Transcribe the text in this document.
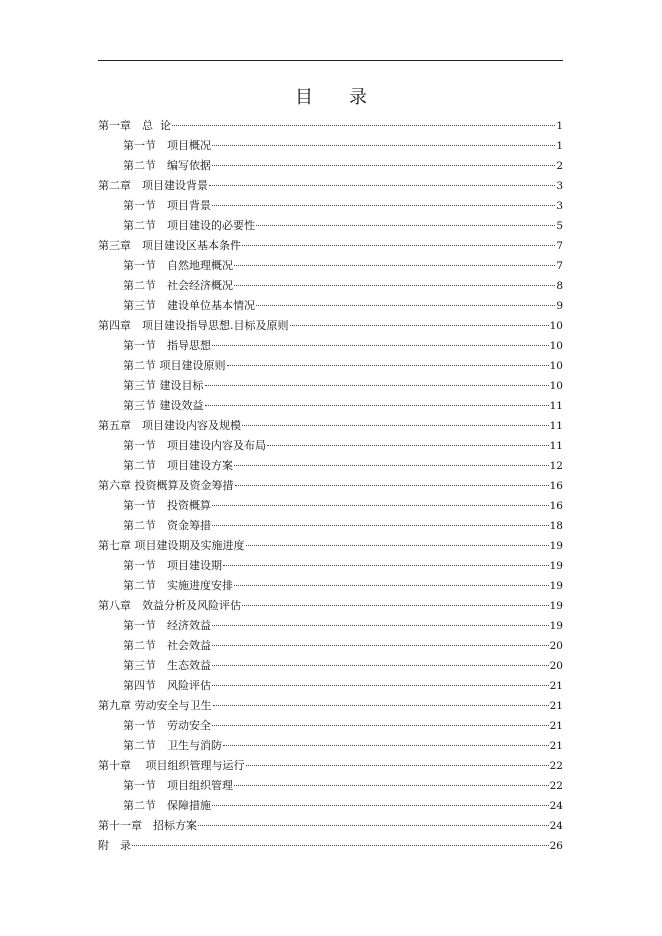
目　　录
第一章　总  论	1
第一节　项目概况	1
第二节　编写依据	2
第二章　项目建设背景	3
第一节　项目背景	3
第二节　项目建设的必要性	5
第三章　项目建设区基本条件	7
第一节　自然地理概况	7
第二节　社会经济概况	8
第三节　建设单位基本情况	9
第四章　项目建设指导思想.目标及原则	10
第一节　指导思想	10
第二节 项目建设原则	10
第三节 建设目标	10
第三节 建设效益	11
第五章　项目建设内容及规模	11
第一节　项目建设内容及布局	11
第二节　项目建设方案	12
第六章 投资概算及资金筹措	16
第一节　投资概算	16
第二节　资金筹措	18
第七章 项目建设期及实施进度	19
第一节　项目建设期	19
第二节　实施进度安排	19
第八章　效益分析及风险评估	19
第一节　经济效益	19
第二节　社会效益	20
第三节　生态效益	20
第四节　风险评估	21
第九章 劳动安全与卫生	21
第一节　劳动安全	21
第二节　卫生与消防	21
第十章　 项目组织管理与运行	22
第一节　项目组织管理	22
第二节　保障措施	24
第十一章　招标方案	24
附　录	26
